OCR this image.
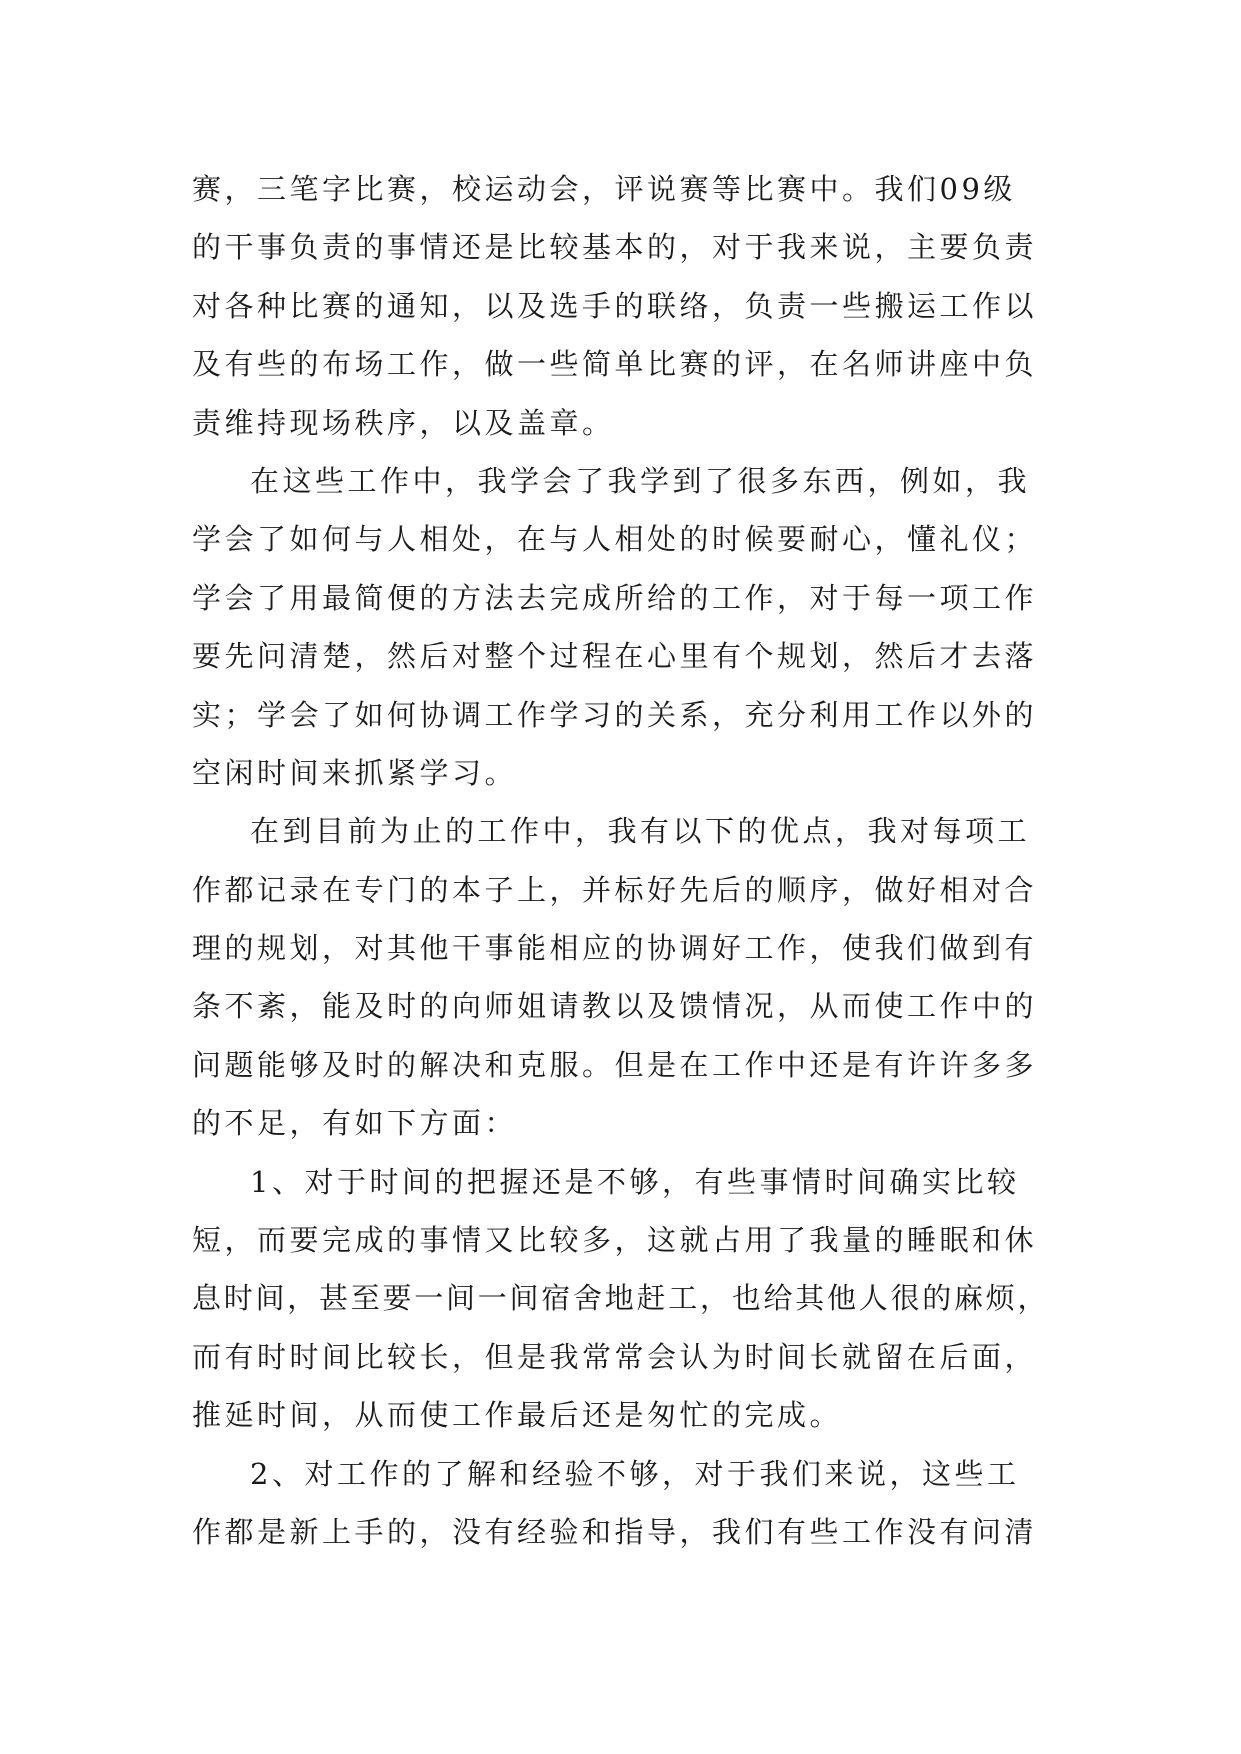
赛，三笔字比赛，校运动会，评说赛等比赛中。我们09级
的干事负责的事情还是比较基本的，对于我来说，主要负责
对各种比赛的通知，以及选手的联络，负责一些搬运工作以
及有些的布场工作，做一些简单比赛的评，在名师讲座中负
责维持现场秩序，以及盖章。
在这些工作中，我学会了我学到了很多东西，例如，我
学会了如何与人相处，在与人相处的时候要耐心，懂礼仪；
学会了用最简便的方法去完成所给的工作，对于每一项工作
要先问清楚，然后对整个过程在心里有个规划，然后才去落
实；学会了如何协调工作学习的关系，充分利用工作以外的
空闲时间来抓紧学习。
在到目前为止的工作中，我有以下的优点，我对每项工
作都记录在专门的本子上，并标好先后的顺序，做好相对合
理的规划，对其他干事能相应的协调好工作，使我们做到有
条不紊，能及时的向师姐请教以及馈情况，从而使工作中的
问题能够及时的解决和克服。但是在工作中还是有许许多多
的不足，有如下方面：
1、对于时间的把握还是不够，有些事情时间确实比较
短，而要完成的事情又比较多，这就占用了我量的睡眠和休
息时间，甚至要一间一间宿舍地赶工，也给其他人很的麻烦，
而有时时间比较长，但是我常常会认为时间长就留在后面，
推延时间，从而使工作最后还是匆忙的完成。
2、对工作的了解和经验不够，对于我们来说，这些工
作都是新上手的，没有经验和指导，我们有些工作没有问清
